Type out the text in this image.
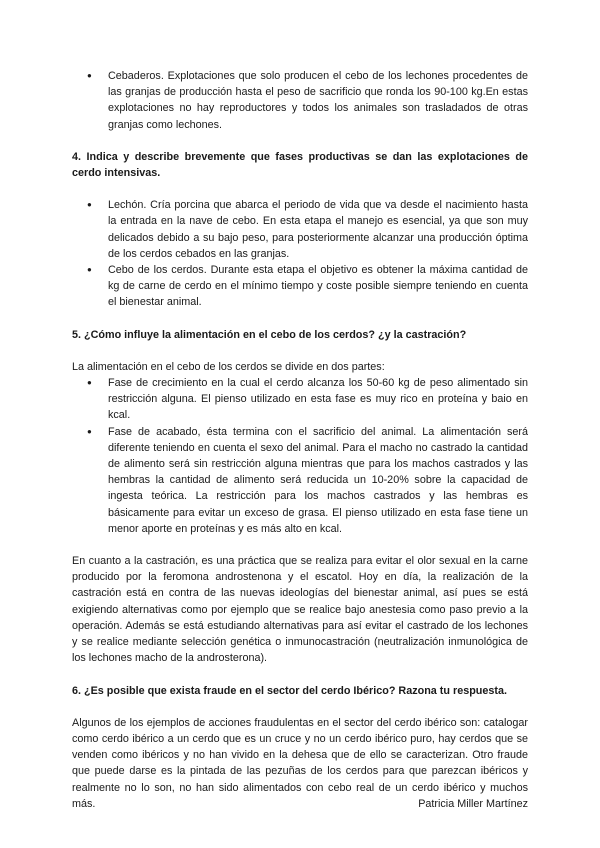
● Cebaderos. Explotaciones que solo producen el cebo de los lechones procedentes de las granjas de producción hasta el peso de sacrificio que ronda los 90-100 kg.En estas explotaciones no hay reproductores y todos los animales son trasladados de otras granjas como lechones.
4. Indica y describe brevemente que fases productivas se dan las explotaciones de cerdo intensivas.
● Lechón. Cría porcina que abarca el periodo de vida que va desde el nacimiento hasta la entrada en la nave de cebo. En esta etapa el manejo es esencial, ya que son muy delicados debido a su bajo peso, para posteriormente alcanzar una producción óptima de los cerdos cebados en las granjas.
● Cebo de los cerdos. Durante esta etapa el objetivo es obtener la máxima cantidad de kg de carne de cerdo en el mínimo tiempo y coste posible siempre teniendo en cuenta el bienestar animal.
5. ¿Cómo influye la alimentación en el cebo de los cerdos? ¿y la castración?

La alimentación en el cebo de los cerdos se divide en dos partes:

● Fase de crecimiento en la cual el cerdo alcanza los 50-60 kg de peso alimentado sin restricción alguna. El pienso utilizado en esta fase es muy rico en proteína y baio en kcal.
● Fase de acabado, ésta termina con el sacrificio del animal. La alimentación será diferente teniendo en cuenta el sexo del animal. Para el macho no castrado la cantidad de alimento será sin restricción alguna mientras que para los machos castrados y las hembras la cantidad de alimento será reducida un 10-20% sobre la capacidad de ingesta teórica. La restricción para los machos castrados y las hembras es básicamente para evitar un exceso de grasa. El pienso utilizado en esta fase tiene un menor aporte en proteínas y es más alto en kcal.

En cuanto a la castración, es una práctica que se realiza para evitar el olor sexual en la carne producido por la feromona androstenona y el escatol. Hoy en día, la realización de la castración está en contra de las nuevas ideologías del bienestar animal, así pues se está exigiendo alternativas como por ejemplo que se realice bajo anestesia como paso previo a la operación. Además se está estudiando alternativas para así evitar el castrado de los lechones y se realice mediante selección genética o inmunocastración (neutralización inmunológica de los lechones macho de la androsterona).

6. ¿Es posible que exista fraude en el sector del cerdo Ibérico? Razona tu respuesta.

Algunos de los ejemplos de acciones fraudulentas en el sector del cerdo ibérico son: catalogar como cerdo ibérico a un cerdo que es un cruce y no un cerdo ibérico puro, hay cerdos que se venden como ibéricos y no han vivido en la dehesa que de ello se caracterizan. Otro fraude que puede darse es la pintada de las pezuñas de los cerdos para que parezcan ibéricos y realmente no lo son, no han sido alimentados con cebo real de un cerdo ibérico y muchos más.	Patricia Miller Martínez
